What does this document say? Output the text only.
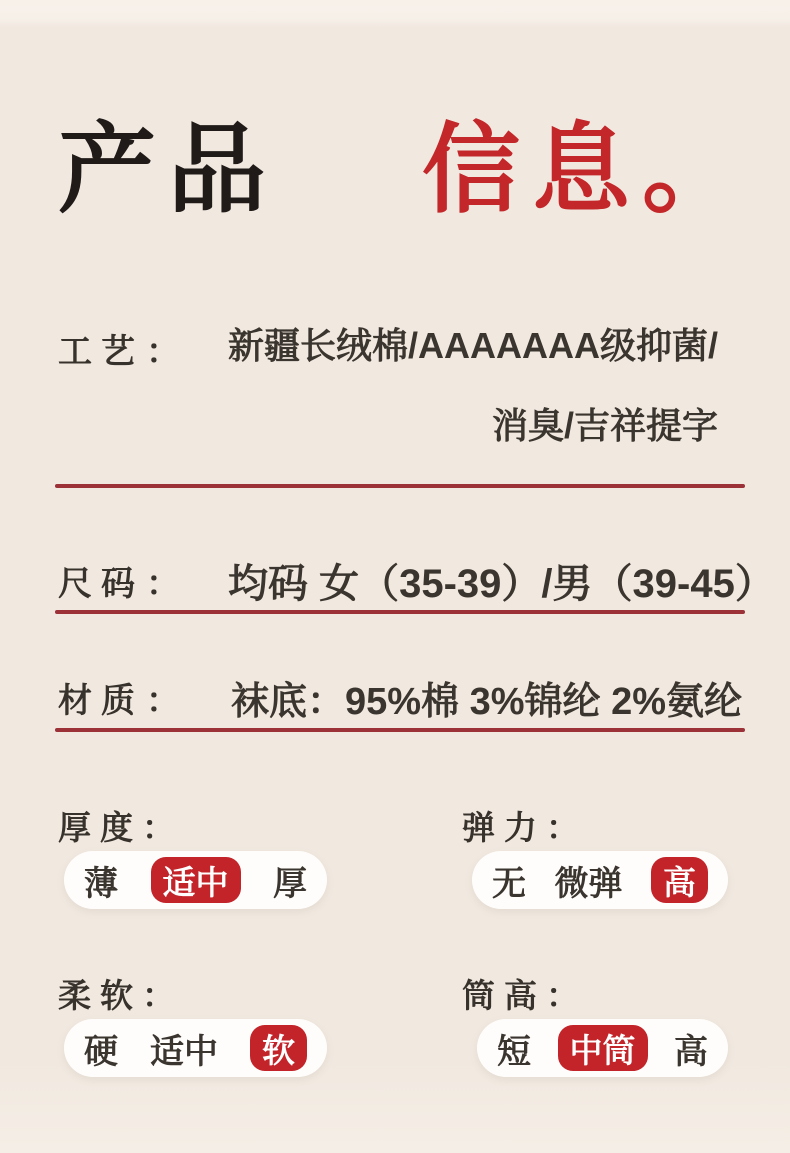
产品 信息。
工艺：	新疆长绒棉/AAAAAAA级抑菌/
消臭/吉祥提字
尺码：	均码 女（35-39）/男（39-45）
材质：	袜底：95%棉 3%锦纶 2%氨纶
厚度：
薄	适中	厚
弹力：
无 微弹	高
柔软：
硬 适中	软
筒高：
短	中筒	高
